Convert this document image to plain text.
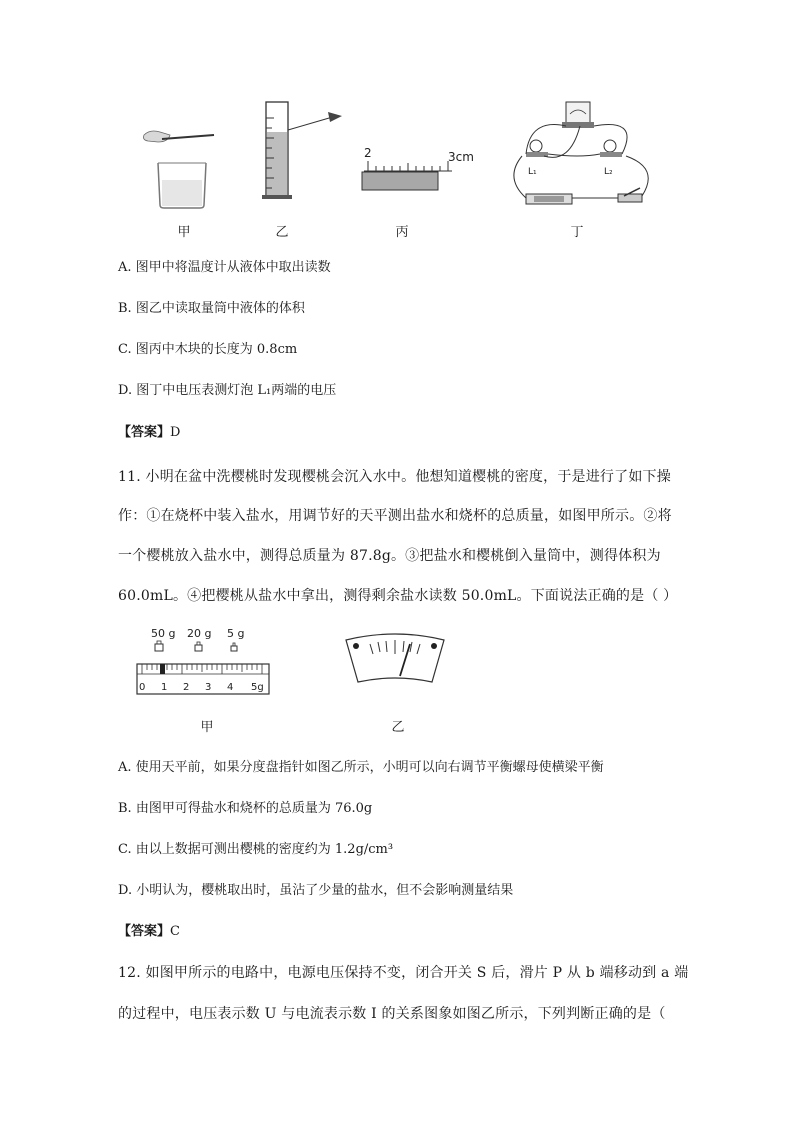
2	3cm
L₁	L₂
甲	乙	丙	丁
A. 图甲中将温度计从液体中取出读数
B. 图乙中读取量筒中液体的体积
C. 图丙中木块的长度为 0.8cm
D. 图丁中电压表测灯泡 L₁两端的电压
【答案】D
11. 小明在盆中洗樱桃时发现樱桃会沉入水中。他想知道樱桃的密度，于是进行了如下操
作：①在烧杯中装入盐水，用调节好的天平测出盐水和烧杯的总质量，如图甲所示。②将
一个樱桃放入盐水中，测得总质量为 87.8g。③把盐水和樱桃倒入量筒中，测得体积为
60.0mL。④把樱桃从盐水中拿出，测得剩余盐水读数 50.0mL。下面说法正确的是（ ）
50 g 20 g 5 g
0 1 2 3 4 5g
甲	乙
A. 使用天平前，如果分度盘指针如图乙所示，小明可以向右调节平衡螺母使横梁平衡
B. 由图甲可得盐水和烧杯的总质量为 76.0g
C. 由以上数据可测出樱桃的密度约为 1.2g/cm³
D. 小明认为，樱桃取出时，虽沾了少量的盐水，但不会影响测量结果
【答案】C
12. 如图甲所示的电路中，电源电压保持不变，闭合开关 S 后，滑片 P 从 b 端移动到 a 端
的过程中，电压表示数 U 与电流表示数 I 的关系图象如图乙所示，下列判断正确的是（
